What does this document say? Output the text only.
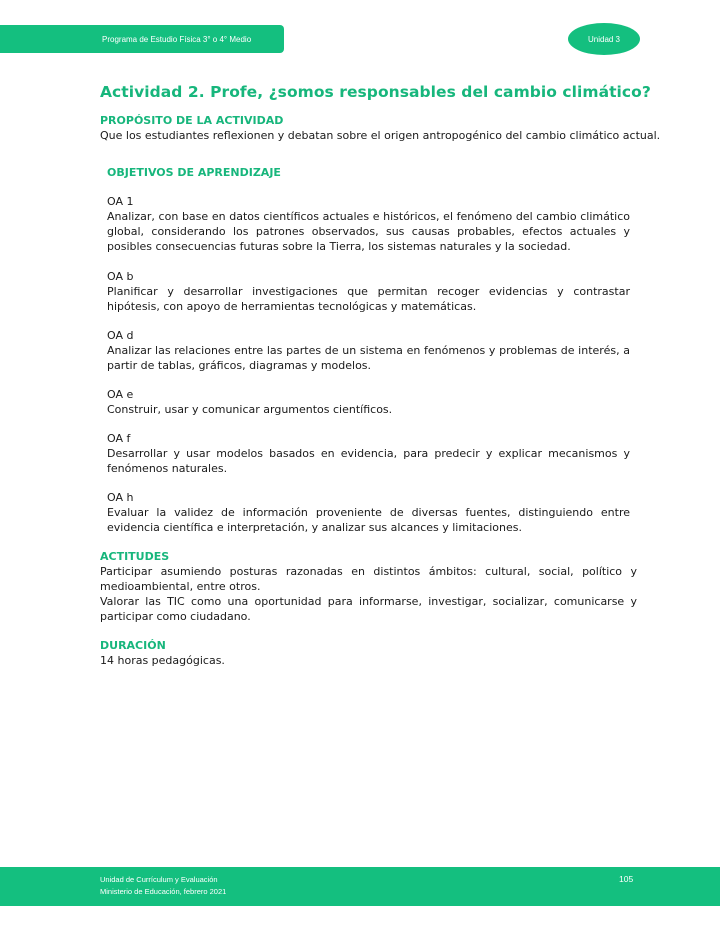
Programa de Estudio Física 3° o 4° Medio	Unidad 3
Actividad 2. Profe, ¿somos responsables del cambio climático?
PROPÓSITO DE LA ACTIVIDAD

Que los estudiantes reflexionen y debatan sobre el origen antropogénico del cambio climático actual.

OBJETIVOS DE APRENDIZAJE

OA 1

Analizar, con base en datos científicos actuales e históricos, el fenómeno del cambio climático global, considerando los patrones observados, sus causas probables, efectos actuales y posibles consecuencias futuras sobre la Tierra, los sistemas naturales y la sociedad.

OA b

Planificar y desarrollar investigaciones que permitan recoger evidencias y contrastar hipótesis, con apoyo de herramientas tecnológicas y matemáticas.

OA d

Analizar las relaciones entre las partes de un sistema en fenómenos y problemas de interés, a partir de tablas, gráficos, diagramas y modelos.

OA e

Construir, usar y comunicar argumentos científicos.

OA f

Desarrollar y usar modelos basados en evidencia, para predecir y explicar mecanismos y fenómenos naturales.

OA h

Evaluar la validez de información proveniente de diversas fuentes, distinguiendo entre evidencia científica e interpretación, y analizar sus alcances y limitaciones.

ACTITUDES

Participar asumiendo posturas razonadas en distintos ámbitos: cultural, social, político y medioambiental, entre otros.

Valorar las TIC como una oportunidad para informarse, investigar, socializar, comunicarse y participar como ciudadano.

DURACIÓN

14 horas pedagógicas.

Unidad de Currículum y Evaluación
Ministerio de Educación, febrero 2021
105
